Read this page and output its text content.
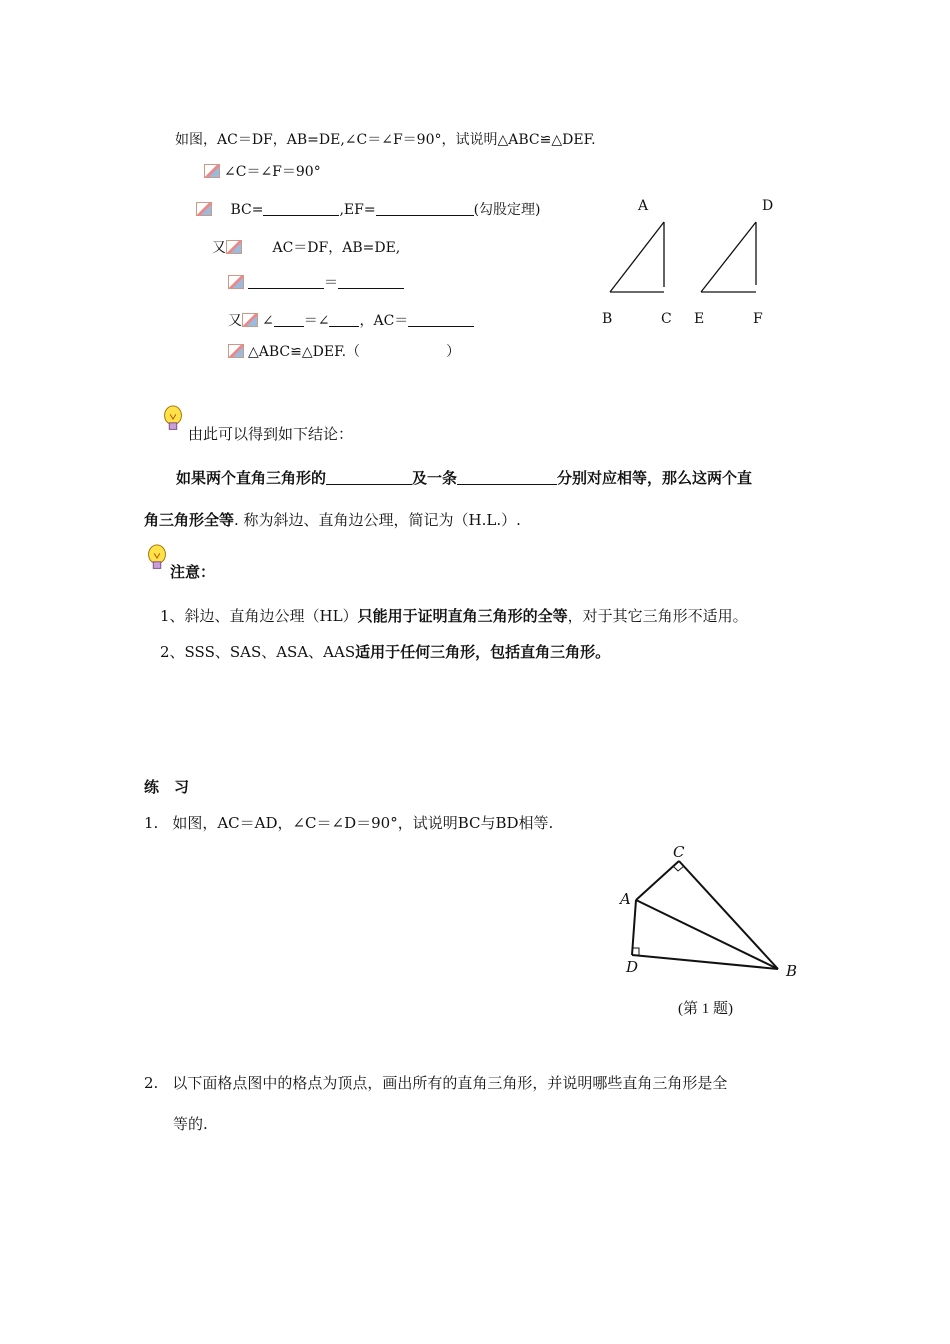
如图，AC＝DF，AB=DE,∠C＝∠F＝90°，试说明△ABC≌△DEF.
∠C＝∠F＝90°
BC=	,EF=	(勾股定理)
又	AC＝DF，AB=DE,
＝
又 ∠ ＝∠ ，AC＝
△ABC≌△DEF.（	）
A	D
B	C E	F
由此可以得到如下结论：
如果两个直角三角形的	及一条	分别对应相等，那么这两个直
角三角形全等. 称为斜边、直角边公理，简记为（H.L.）.
注意：
1、斜边、直角边公理（HL）只能用于证明直角三角形的全等，对于其它三角形不适用。
2、SSS、SAS、ASA、AAS适用于任何三角形，包括直角三角形。
练　习
1. 如图，AC＝AD，∠C＝∠D＝90°，试说明BC与BD相等.
C
A
D	B
(第 1 题)
2. 以下面格点图中的格点为顶点，画出所有的直角三角形，并说明哪些直角三角形是全
等的.
